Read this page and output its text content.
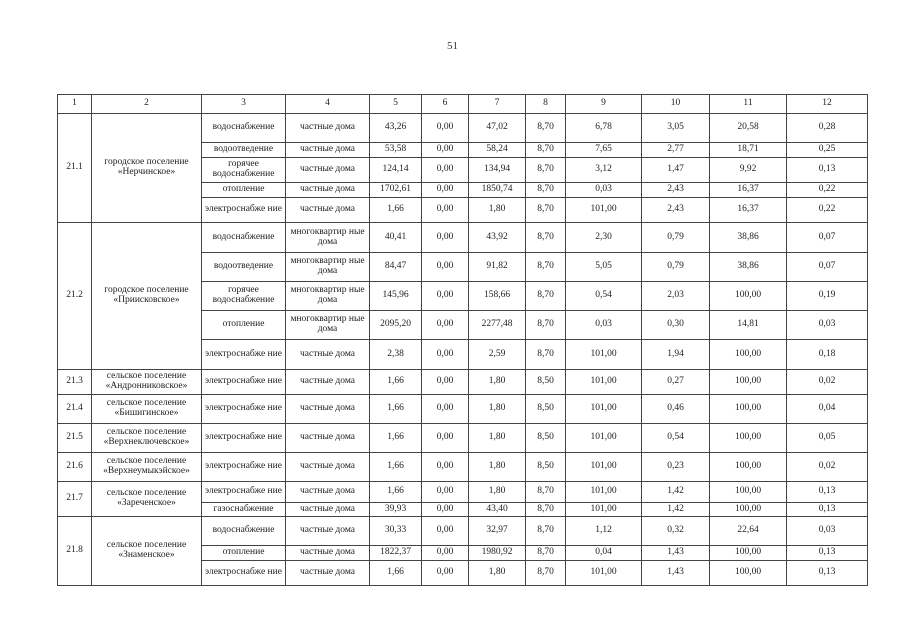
51
1	2	3	4	5	6	7	8	9	10	11	12
21.1	городское поселение «Нерчинское»	водоснабжение	частные дома	43,26	0,00	47,02	8,70	6,78	3,05	20,58	0,28
		водоотведение	частные дома	53,58	0,00	58,24	8,70	7,65	2,77	18,71	0,25
		горячее водоснабжение	частные дома	124,14	0,00	134,94	8,70	3,12	1,47	9,92	0,13
		отопление	частные дома	1702,61	0,00	1850,74	8,70	0,03	2,43	16,37	0,22
		электроснабже ние	частные дома	1,66	0,00	1,80	8,70	101,00	2,43	16,37	0,22
21.2	городское поселение «Приисковское»	водоснабжение	многоквартир ные дома	40,41	0,00	43,92	8,70	2,30	0,79	38,86	0,07
		водоотведение	многоквартир ные дома	84,47	0,00	91,82	8,70	5,05	0,79	38,86	0,07
		горячее водоснабжение	многоквартир ные дома	145,96	0,00	158,66	8,70	0,54	2,03	100,00	0,19
		отопление	многоквартир ные дома	2095,20	0,00	2277,48	8,70	0,03	0,30	14,81	0,03
		электроснабже ние	частные дома	2,38	0,00	2,59	8,70	101,00	1,94	100,00	0,18
21.3	сельское поселение «Андронниковское»	электроснабже ние	частные дома	1,66	0,00	1,80	8,50	101,00	0,27	100,00	0,02
21.4	сельское поселение «Бишигинское»	электроснабже ние	частные дома	1,66	0,00	1,80	8,50	101,00	0,46	100,00	0,04
21.5	сельское поселение «Верхнеключевское»	электроснабже ние	частные дома	1,66	0,00	1,80	8,50	101,00	0,54	100,00	0,05
21.6	сельское поселение «Верхнеумыкэйское»	электроснабже ние	частные дома	1,66	0,00	1,80	8,50	101,00	0,23	100,00	0,02
21.7	сельское поселение «Зареченское»	электроснабже ние	частные дома	1,66	0,00	1,80	8,70	101,00	1,42	100,00	0,13
		газоснабжение	частные дома	39,93	0,00	43,40	8,70	101,00	1,42	100,00	0,13
21.8	сельское поселение «Знаменское»	водоснабжение	частные дома	30,33	0,00	32,97	8,70	1,12	0,32	22,64	0,03
		отопление	частные дома	1822,37	0,00	1980,92	8,70	0,04	1,43	100,00	0,13
		электроснабже ние	частные дома	1,66	0,00	1,80	8,70	101,00	1,43	100,00	0,13
